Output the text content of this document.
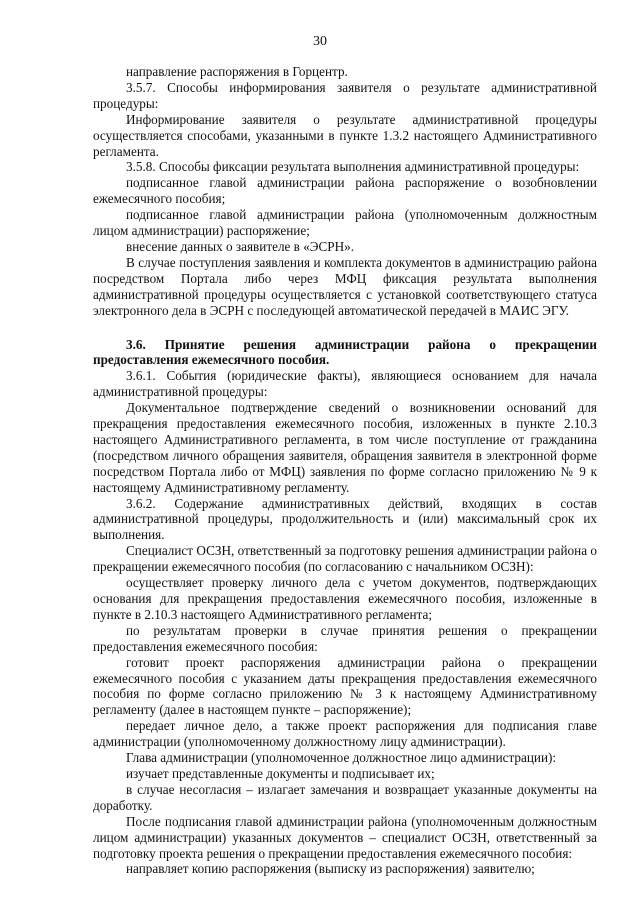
30

направление распоряжения в Горцентр.

3.5.7. Способы информирования заявителя о результате административной процедуры:

Информирование заявителя о результате административной процедуры осуществляется способами, указанными в пункте 1.3.2 настоящего Административного регламента.

3.5.8. Способы фиксации результата выполнения административной процедуры:

подписанное главой администрации района распоряжение о возобновлении ежемесячного пособия;

подписанное главой администрации района (уполномоченным должностным лицом администрации) распоряжение;

внесение данных о заявителе в «ЭСРН».

В случае поступления заявления и комплекта документов в администрацию района посредством Портала либо через МФЦ фиксация результата выполнения административной процедуры осуществляется с установкой соответствующего статуса электронного дела в ЭСРН с последующей автоматической передачей в МАИС ЭГУ.

3.6. Принятие решения администрации района о прекращении предоставления ежемесячного пособия.

3.6.1. События (юридические факты), являющиеся основанием для начала административной процедуры:

Документальное подтверждение сведений о возникновении оснований для прекращения предоставления ежемесячного пособия, изложенных в пункте 2.10.3 настоящего Административного регламента, в том числе поступление от гражданина (посредством личного обращения заявителя, обращения заявителя в электронной форме посредством Портала либо от МФЦ) заявления по форме согласно приложению № 9 к настоящему Административному регламенту.

3.6.2. Содержание административных действий, входящих в состав административной процедуры, продолжительность и (или) максимальный срок их выполнения.

Специалист ОСЗН, ответственный за подготовку решения администрации района о прекращении ежемесячного пособия (по согласованию с начальником ОСЗН):

осуществляет проверку личного дела с учетом документов, подтверждающих основания для прекращения предоставления ежемесячного пособия, изложенные в пункте в 2.10.3 настоящего Административного регламента;

по результатам проверки в случае принятия решения о прекращении предоставления ежемесячного пособия:

готовит проект распоряжения администрации района о прекращении ежемесячного пособия с указанием даты прекращения предоставления ежемесячного пособия по форме согласно приложению № 3 к настоящему Административному регламенту (далее в настоящем пункте – распоряжение);

передает личное дело, а также проект распоряжения для подписания главе администрации (уполномоченному должностному лицу администрации).

Глава администрации (уполномоченное должностное лицо администрации):

изучает представленные документы и подписывает их;

в случае несогласия – излагает замечания и возвращает указанные документы на доработку.

После подписания главой администрации района (уполномоченным должностным лицом администрации) указанных документов – специалист ОСЗН, ответственный за подготовку проекта решения о прекращении предоставления ежемесячного пособия:

направляет копию распоряжения (выписку из распоряжения) заявителю;
